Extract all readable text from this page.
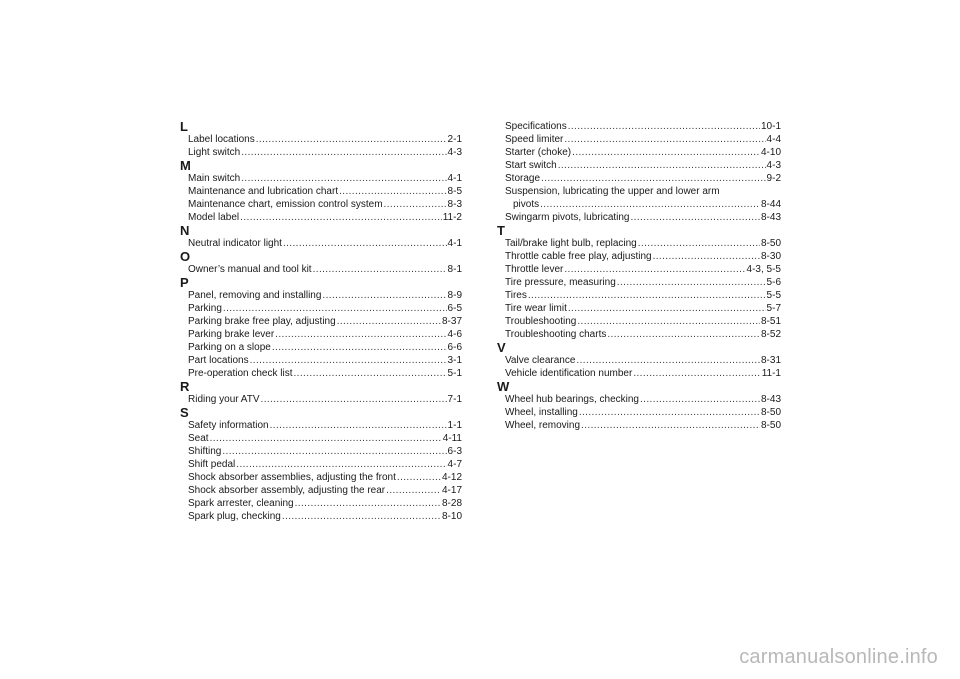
L
Label locations .....	2-1
Light switch .....	4-3
M
Main switch .....	4-1
Maintenance and lubrication chart .....	8-5
Maintenance chart, emission control system .....	8-3
Model label .....	11-2
N
Neutral indicator light .....	4-1
O
Owner’s manual and tool kit .....	8-1
P
Panel, removing and installing .....	8-9
Parking .....	6-5
Parking brake free play, adjusting .....	8-37
Parking brake lever .....	4-6
Parking on a slope .....	6-6
Part locations .....	3-1
Pre-operation check list .....	5-1
R
Riding your ATV .....	7-1
S
Safety information .....	1-1
Seat .....	4-11
Shifting .....	6-3
Shift pedal .....	4-7
Shock absorber assemblies, adjusting the front .....	4-12
Shock absorber assembly, adjusting the rear .....	4-17
Spark arrester, cleaning .....	8-28
Spark plug, checking .....	8-10
Specifications .....	10-1
Speed limiter .....	4-4
Starter (choke) .....	4-10
Start switch .....	4-3
Storage .....	9-2
Suspension, lubricating the upper and lower arm
pivots .....	8-44
Swingarm pivots, lubricating .....	8-43
T
Tail/brake light bulb, replacing .....	8-50
Throttle cable free play, adjusting .....	8-30
Throttle lever .....	4-3, 5-5
Tire pressure, measuring .....	5-6
Tires .....	5-5
Tire wear limit .....	5-7
Troubleshooting .....	8-51
Troubleshooting charts .....	8-52
V
Valve clearance .....	8-31
Vehicle identification number .....	11-1
W
Wheel hub bearings, checking .....	8-43
Wheel, installing .....	8-50
Wheel, removing .....	8-50
carmanualsonline.info
